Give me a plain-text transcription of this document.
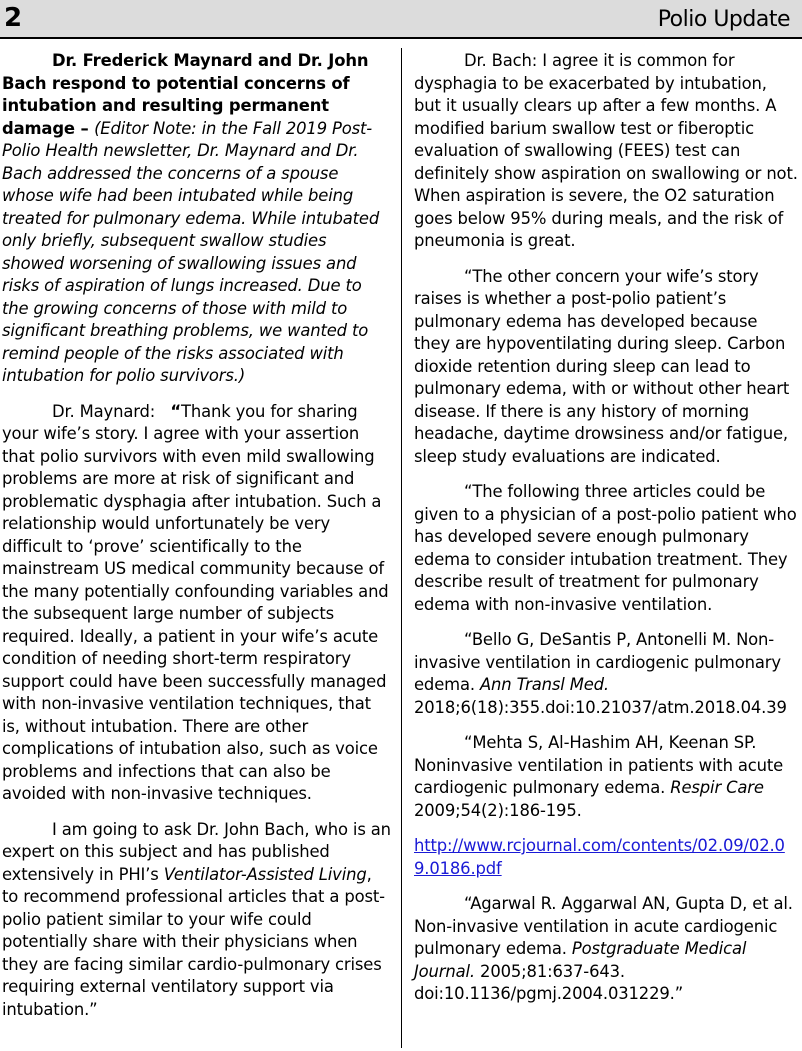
2	Polio Update

Dr. Frederick Maynard and Dr. John Bach respond to potential concerns of intubation and resulting permanent damage – (Editor Note: in the Fall 2019 Post-Polio Health newsletter, Dr. Maynard and Dr. Bach addressed the concerns of a spouse whose wife had been intubated while being treated for pulmonary edema. While intubated only briefly, subsequent swallow studies showed worsening of swallowing issues and risks of aspiration of lungs increased. Due to the growing concerns of those with mild to significant breathing problems, we wanted to remind people of the risks associated with intubation for polio survivors.)

Dr. Maynard: “Thank you for sharing your wife’s story. I agree with your assertion that polio survivors with even mild swallowing problems are more at risk of significant and problematic dysphagia after intubation. Such a relationship would unfortunately be very difficult to ‘prove’ scientifically to the mainstream US medical community because of the many potentially confounding variables and the subsequent large number of subjects required. Ideally, a patient in your wife’s acute condition of needing short-term respiratory support could have been successfully managed with non-invasive ventilation techniques, that is, without intubation. There are other complications of intubation also, such as voice problems and infections that can also be avoided with non-invasive techniques.

I am going to ask Dr. John Bach, who is an expert on this subject and has published extensively in PHI’s Ventilator-Assisted Living, to recommend professional articles that a post-polio patient similar to your wife could potentially share with their physicians when they are facing similar cardio-pulmonary crises requiring external ventilatory support via intubation.”

Dr. Bach: I agree it is common for dysphagia to be exacerbated by intubation, but it usually clears up after a few months. A modified barium swallow test or fiberoptic evaluation of swallowing (FEES) test can definitely show aspiration on swallowing or not. When aspiration is severe, the O2 saturation goes below 95% during meals, and the risk of pneumonia is great.

“The other concern your wife’s story raises is whether a post-polio patient’s pulmonary edema has developed because they are hypoventilating during sleep. Carbon dioxide retention during sleep can lead to pulmonary edema, with or without other heart disease. If there is any history of morning headache, daytime drowsiness and/or fatigue, sleep study evaluations are indicated.

“The following three articles could be given to a physician of a post-polio patient who has developed severe enough pulmonary edema to consider intubation treatment. They describe result of treatment for pulmonary edema with non-invasive ventilation.

“Bello G, DeSantis P, Antonelli M. Non-invasive ventilation in cardiogenic pulmonary edema. Ann Transl Med. 2018;6(18):355.doi:10.21037/atm.2018.04.39

“Mehta S, Al-Hashim AH, Keenan SP. Noninvasive ventilation in patients with acute cardiogenic pulmonary edema. Respir Care 2009;54(2):186-195.

http://www.rcjournal.com/contents/02.09/02.09.0186.pdf

“Agarwal R. Aggarwal AN, Gupta D, et al. Non-invasive ventilation in acute cardiogenic pulmonary edema. Postgraduate Medical Journal. 2005;81:637-643. doi:10.1136/pgmj.2004.031229.”
